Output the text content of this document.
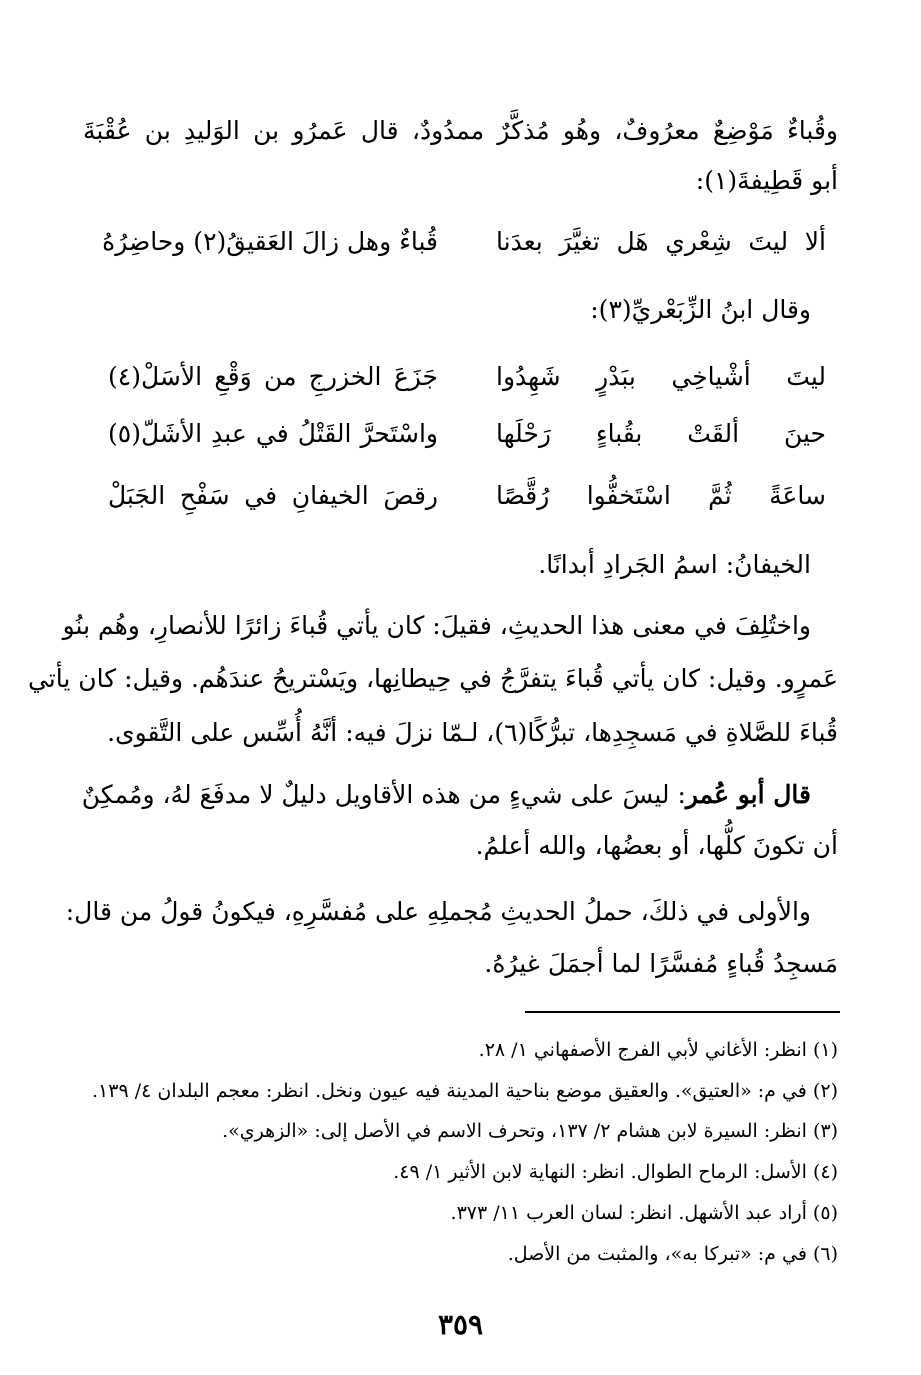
وقُباءٌ مَوْضِعٌ معرُوفٌ، وهُو مُذكَّرٌ ممدُودٌ، قال عَمرُو بن الوَليدِ بن عُقْبَةَ
أبو قَطِيفةَ(١):
ألا ليتَ شِعْري هَل تغيَّرَ بعدَنا
قُباءٌ وهل زالَ العَقيقُ(٢) وحاضِرُهُ
وقال ابنُ الزِّبَعْريِّ(٣):
ليتَ أشْياخِي ببَدْرٍ شَهِدُوا
جَزَعَ الخزرجِ من وَقْعِ الأسَلْ(٤)
حينَ ألقَتْ بقُباءٍ رَحْلَها
واسْتَحرَّ القَتْلُ في عبدِ الأشَلّ(٥)
ساعَةً ثُمَّ اسْتَخفُّوا رُقَّصًا
رقصَ الخيفانِ في سَفْحِ الجَبَلْ
الخيفانُ: اسمُ الجَرادِ أبدانًا.
واختُلِفَ في معنى هذا الحديثِ، فقيلَ: كان يأتي قُباءَ زائرًا للأنصارِ، وهُم بنُو
عَمرٍو. وقيل: كان يأتي قُباءَ يتفرَّجُ في حِيطانِها، ويَسْتريحُ عندَهُم. وقيل: كان يأتي
قُباءَ للصَّلاةِ في مَسجِدِها، تبرُّكًا(٦)، لـمّا نزلَ فيه: أنَّهُ أُسِّس على التَّقوى.
قال أبو عُمر: ليسَ على شيءٍ من هذه الأقاويل دليلٌ لا مدفَعَ لهُ، ومُمكِنٌ
أن تكونَ كلُّها، أو بعضُها، والله أعلمُ.
والأولى في ذلكَ، حملُ الحديثِ مُجملِهِ على مُفسَّرِهِ، فيكونُ قولُ من قال:
مَسجِدُ قُباءٍ مُفسَّرًا لما أجمَلَ غيرُهُ.
(١) انظر: الأغاني لأبي الفرج الأصفهاني ١/ ٢٨.
(٢) في م: «العتيق». والعقيق موضع بناحية المدينة فيه عيون ونخل. انظر: معجم البلدان ٤/ ١٣٩.
(٣) انظر: السيرة لابن هشام ٢/ ١٣٧، وتحرف الاسم في الأصل إلى: «الزهري».
(٤) الأسل: الرماح الطوال. انظر: النهاية لابن الأثير ١/ ٤٩.
(٥) أراد عبد الأشهل. انظر: لسان العرب ١١/ ٣٧٣.
(٦) في م: «تبركا به»، والمثبت من الأصل.
٣٥٩
